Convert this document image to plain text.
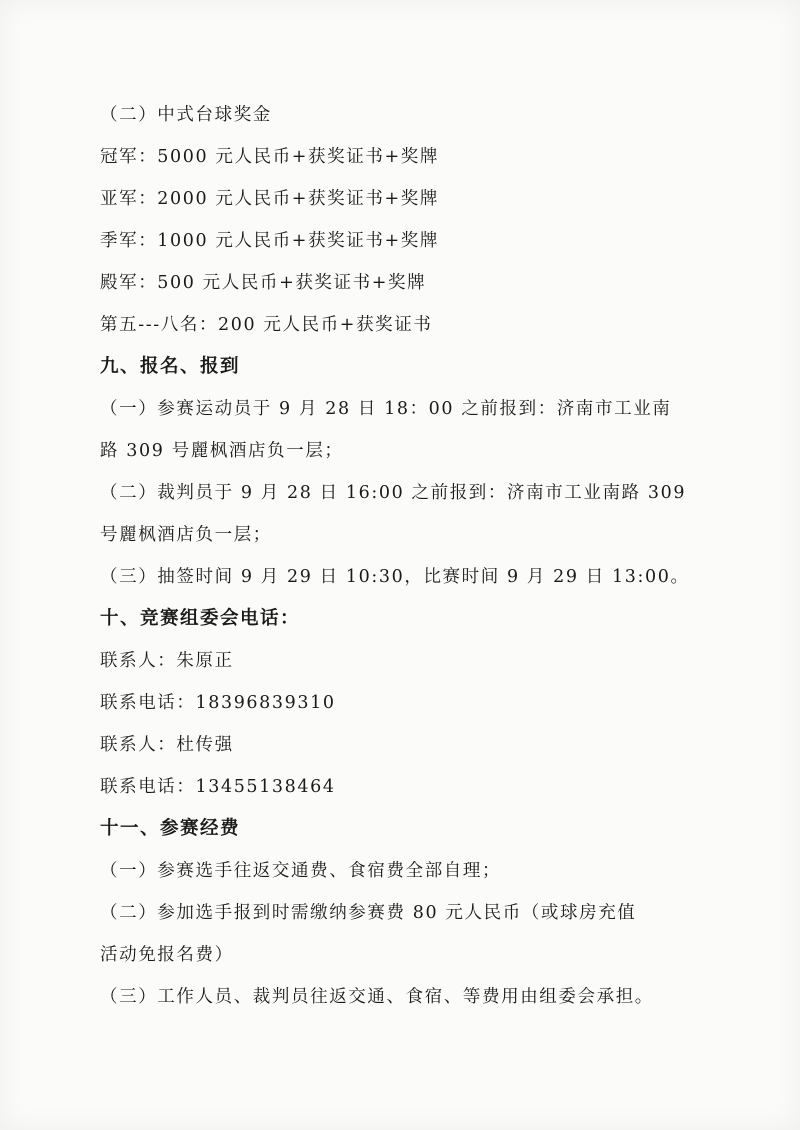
（二）中式台球奖金
冠军：5000 元人民币+获奖证书+奖牌
亚军：2000 元人民币+获奖证书+奖牌
季军：1000 元人民币+获奖证书+奖牌
殿军：500 元人民币+获奖证书+奖牌
第五---八名：200 元人民币+获奖证书
九、报名、报到
（一）参赛运动员于 9 月 28 日 18：00 之前报到：济南市工业南
路 309 号麗枫酒店负一层；
（二）裁判员于 9 月 28 日 16:00 之前报到：济南市工业南路 309
号麗枫酒店负一层；
（三）抽签时间 9 月 29 日 10:30，比赛时间 9 月 29 日 13:00。
十、竞赛组委会电话：
联系人：朱原正
联系电话：18396839310
联系人：杜传强
联系电话：13455138464
十一、参赛经费
（一）参赛选手往返交通费、食宿费全部自理；
（二）参加选手报到时需缴纳参赛费 80 元人民币（或球房充值
活动免报名费）
（三）工作人员、裁判员往返交通、食宿、等费用由组委会承担。
